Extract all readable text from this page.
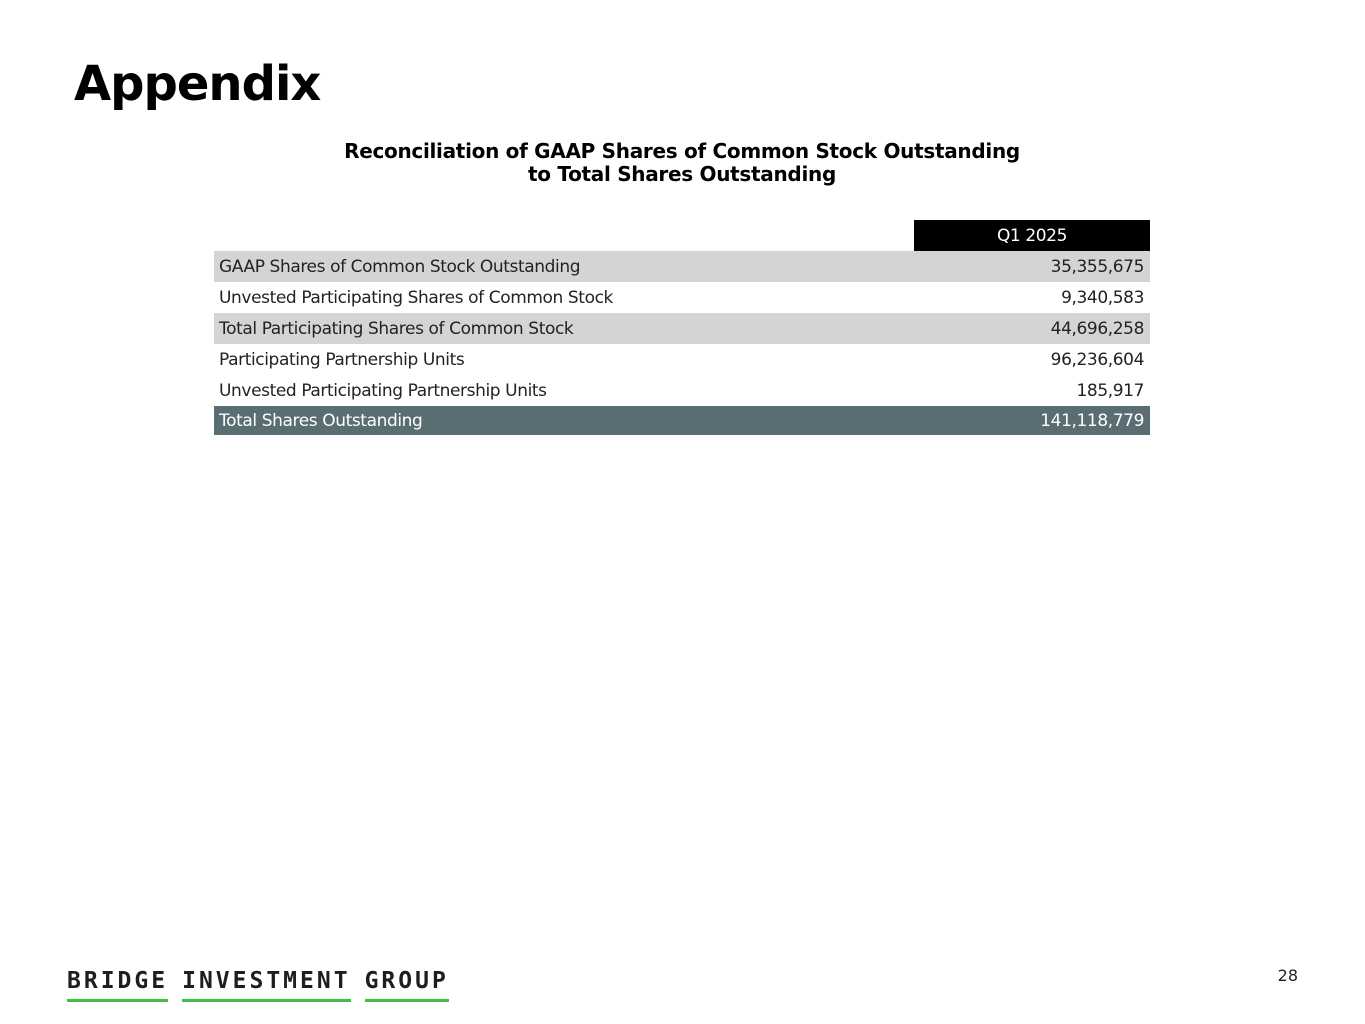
Appendix
Reconciliation of GAAP Shares of Common Stock Outstanding
to Total Shares Outstanding
	Q1 2025
GAAP Shares of Common Stock Outstanding	35,355,675
Unvested Participating Shares of Common Stock	9,340,583
Total Participating Shares of Common Stock	44,696,258
Participating Partnership Units	96,236,604
Unvested Participating Partnership Units	185,917
Total Shares Outstanding	141,118,779
BRIDGE INVESTMENT GROUP	28
